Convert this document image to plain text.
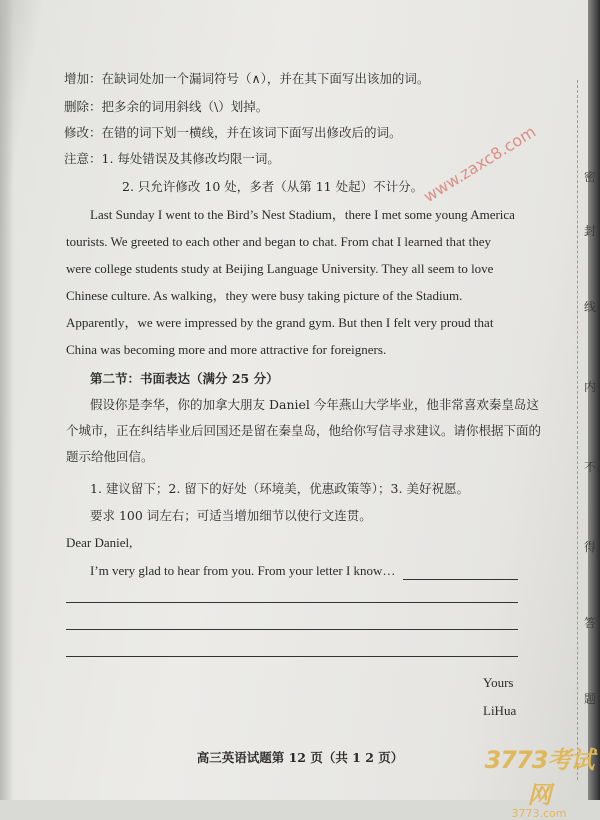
增加：在缺词处加一个漏词符号（∧），并在其下面写出该加的词。
删除：把多余的词用斜线（\）划掉。
修改：在错的词下划一横线，并在该词下面写出修改后的词。
注意：1. 每处错误及其修改均限一词。
2. 只允许修改 10 处，多者（从第 11 处起）不计分。
www.zaxc8.com
Last Sunday I went to the Bird’s Nest Stadium，there I met some young America
tourists. We greeted to each other and began to chat. From chat I learned that they
were college students study at Beijing Language University. They all seem to love
Chinese culture. As walking，they were busy taking picture of the Stadium.
Apparently，we were impressed by the grand gym. But then I felt very proud that
China was becoming more and more attractive for foreigners.
第二节：书面表达（满分 25 分）
假设你是李华，你的加拿大朋友 Daniel 今年燕山大学毕业，他非常喜欢秦皇岛这
个城市，正在纠结毕业后回国还是留在秦皇岛，他给你写信寻求建议。请你根据下面的
题示给他回信。
1. 建议留下；2. 留下的好处（环境美，优惠政策等）；3. 美好祝愿。
要求 100 词左右；可适当增加细节以使行文连贯。
Dear Daniel,
I’m very glad to hear from you. From your letter I know…
Yours
LiHua
密
封
线
内
不
得
答
题
高三英语试题第 12 页（共 1 2 页）	3773考试网
3773.com
